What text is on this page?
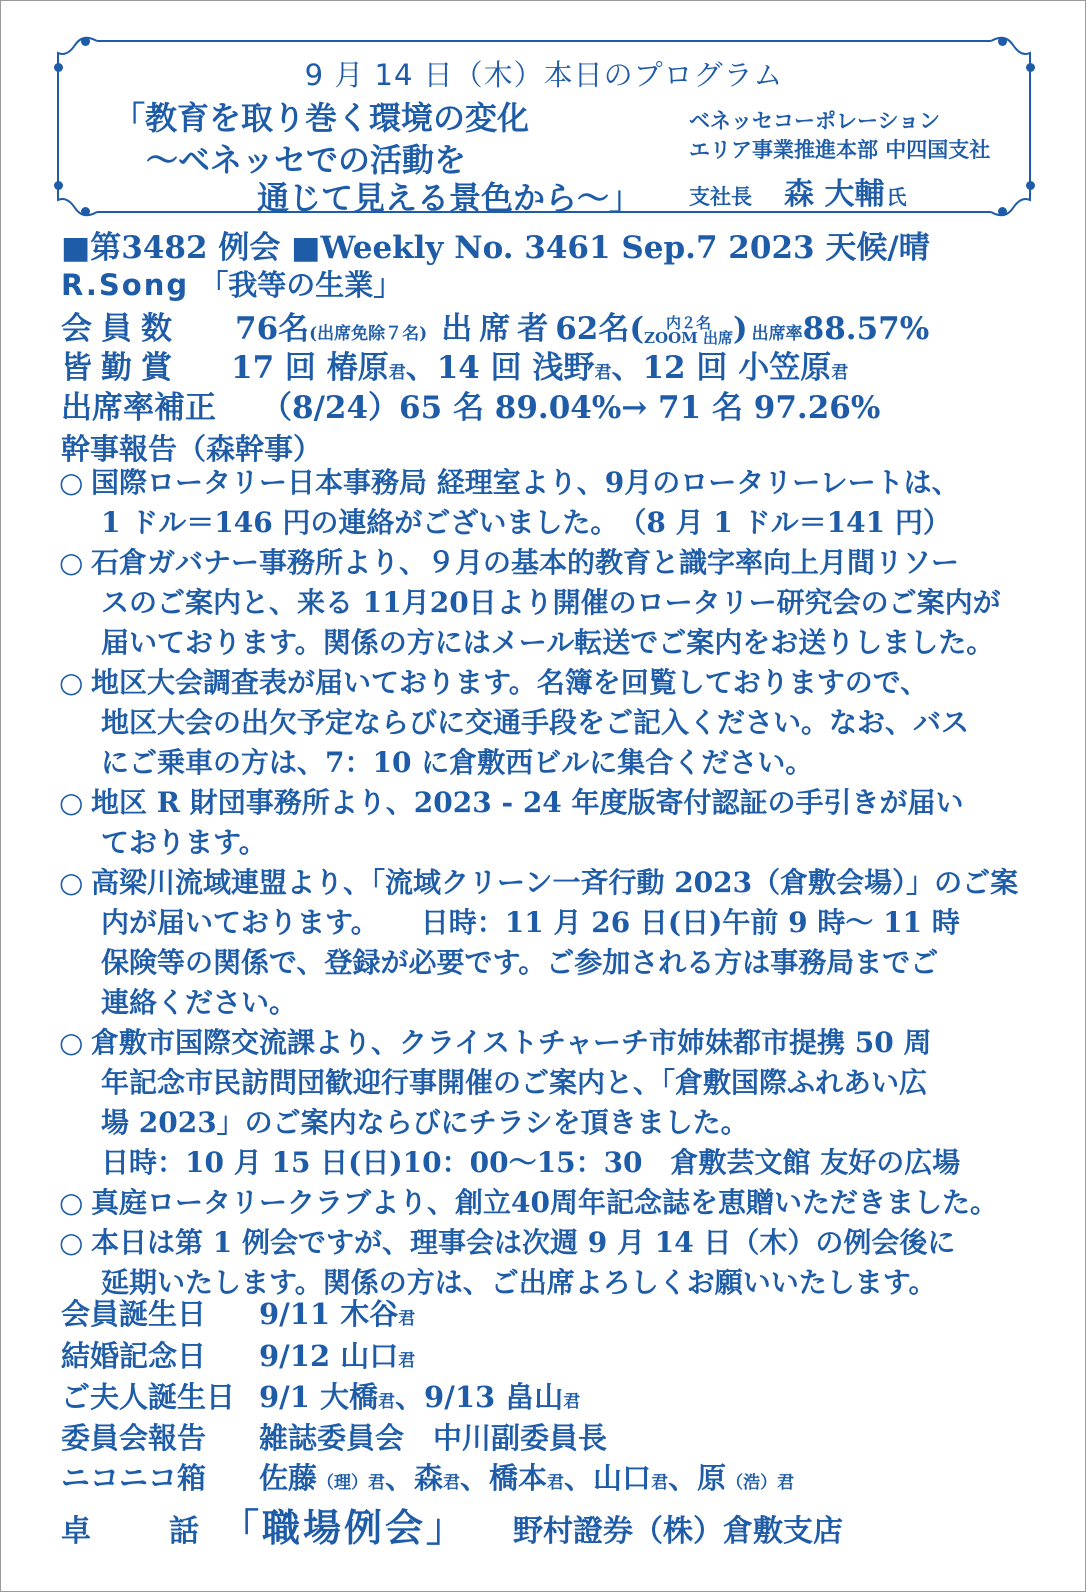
9 月 14 日（木）本日のプログラム
「教育を取り巻く環境の変化
〜ベネッセでの活動を
通じて見える景色から〜」
ベネッセコーポレーション
エリア事業推進本部 中四国支社
支社長 森 大輔 氏
■第3482 例会 ■Weekly No. 3461 Sep.7 2023 天候/晴
R.Song 「我等の生業」
会員数 76名(出席免除７名) 出席者62名( 内２名
ZOOM 出席) 出席率88.57%
皆勤賞 17 回 椿原君、14 回 浅野君、12 回 小笠原君
出席率補正 （8/24）65 名 89.04%→ 71 名 97.26%
幹事報告（森幹事）
○ 国際ロータリー日本事務局 経理室より、9月のロータリーレートは、
1 ドル＝146 円の連絡がございました。　（8 月 1 ドル＝141 円）
○ 石倉ガバナー事務所より、９月の基本的教育と識字率向上月間リソー
スのご案内と、来る 11月20日より開催のロータリー研究会のご案内が
届いております。関係の方にはメール転送でご案内をお送りしました。
○ 地区大会調査表が届いております。名簿を回覧しておりますので、
地区大会の出欠予定ならびに交通手段をご記入ください。なお、バス
にご乗車の方は、7：10 に倉敷西ビルに集合ください。
○ 地区 R 財団事務所より、2023 - 24 年度版寄付認証の手引きが届い
ております。
○ 高梁川流域連盟より、「流域クリーン一斉行動 2023（倉敷会場）」のご案
内が届いております。　　日時：11 月 26 日(日)午前 9 時〜 11 時
保険等の関係で、登録が必要です。ご参加される方は事務局までご
連絡ください。
○ 倉敷市国際交流課より、クライストチャーチ市姉妹都市提携 50 周
年記念市民訪問団歓迎行事開催のご案内と、「倉敷国際ふれあい広
場 2023」のご案内ならびにチラシを頂きました。
日時：10 月 15 日(日)10：00〜15：30　倉敷芸文館 友好の広場
○ 真庭ロータリークラブより、創立40周年記念誌を恵贈いただきました。
○ 本日は第 1 例会ですが、理事会は次週 9 月 14 日（木）の例会後に
延期いたします。関係の方は、ご出席よろしくお願いいたします。
会員誕生日 9/11 木谷君
結婚記念日 9/12 山口君
ご夫人誕生日 9/1 大橋君、9/13 畠山君
委員会報告 雑誌委員会　中川副委員長
ニコニコ箱 佐藤（理）君、森君、橋本君、山口君、原（浩）君
卓話「職場例会」 野村證券（株）倉敷支店
